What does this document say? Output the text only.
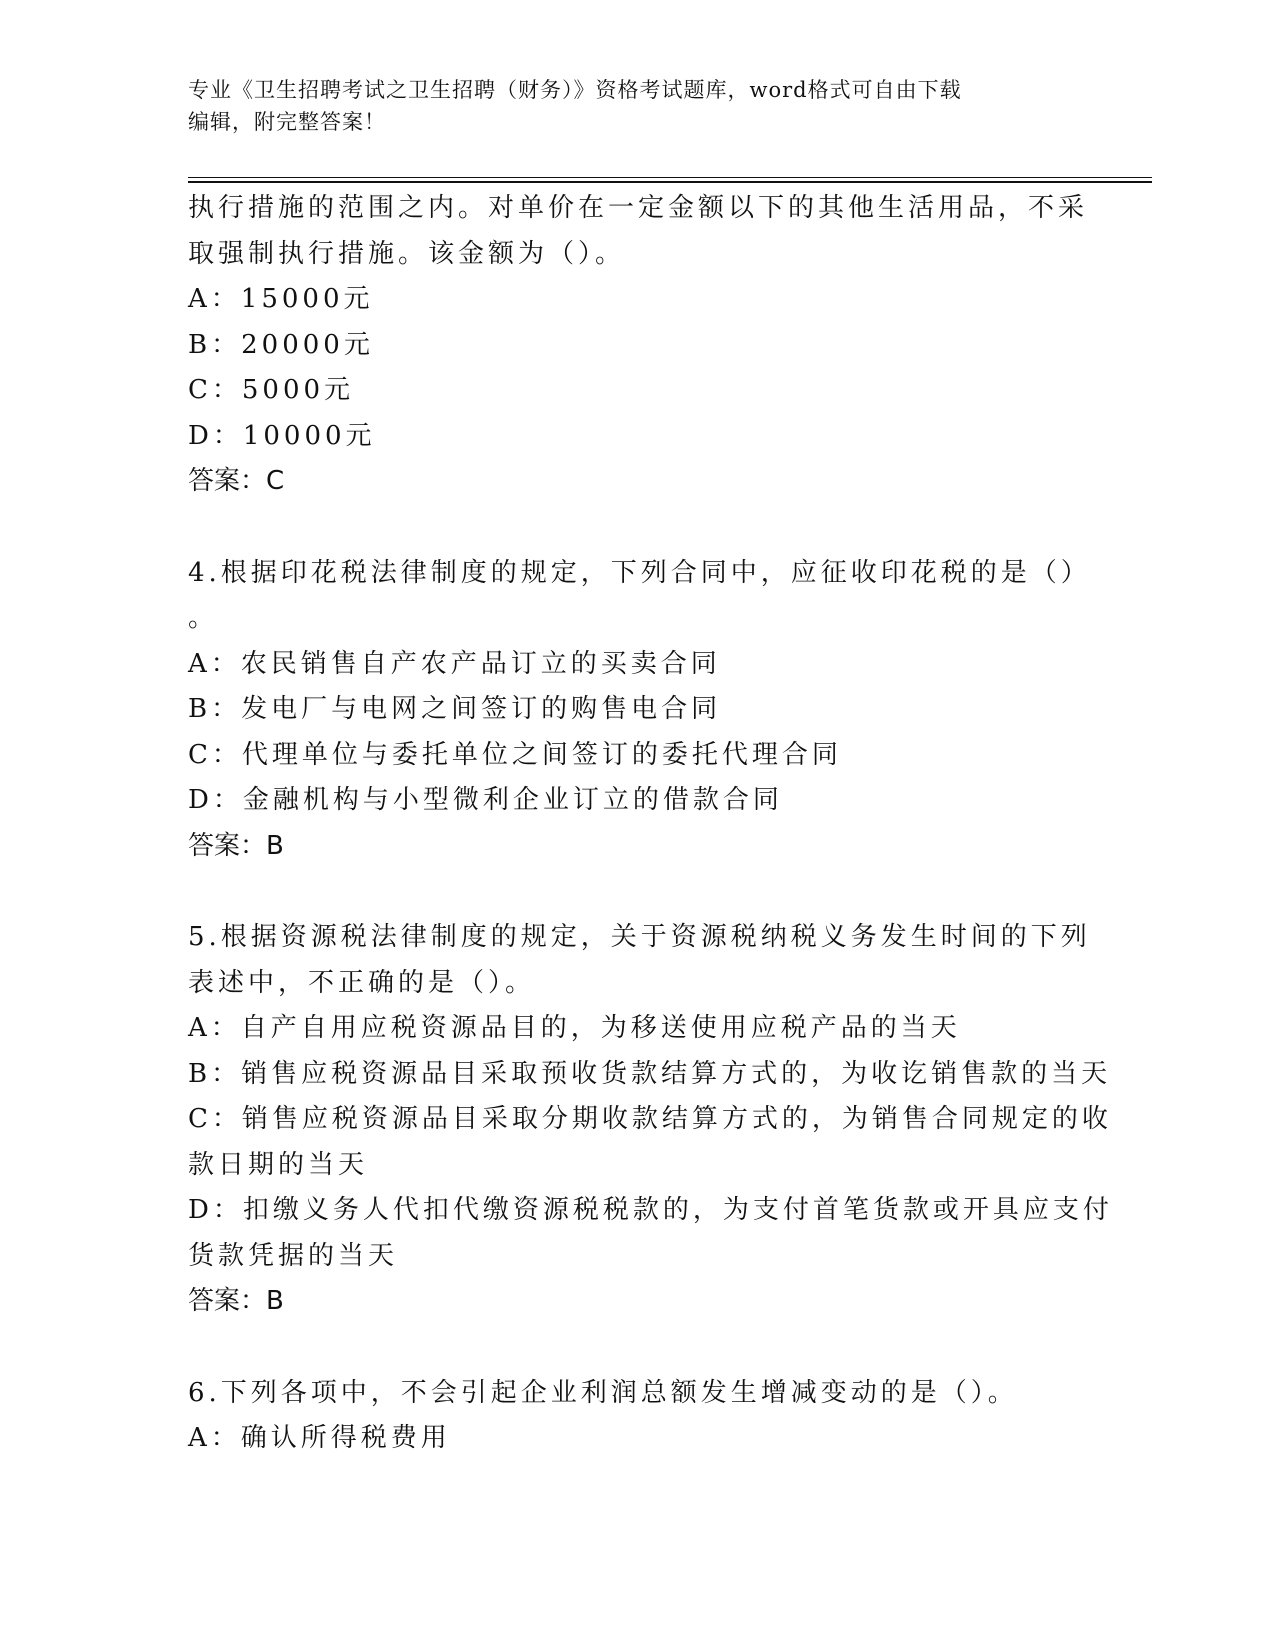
专业《卫生招聘考试之卫生招聘（财务）》资格考试题库，word格式可自由下载
编辑，附完整答案！
执行措施的范围之内。对单价在一定金额以下的其他生活用品，不采
取强制执行措施。该金额为（）。
A：15000元
B：20000元
C：5000元
D：10000元
答案：C
4.根据印花税法律制度的规定，下列合同中，应征收印花税的是（）
。
A：农民销售自产农产品订立的买卖合同
B：发电厂与电网之间签订的购售电合同
C：代理单位与委托单位之间签订的委托代理合同
D：金融机构与小型微利企业订立的借款合同
答案：B
5.根据资源税法律制度的规定，关于资源税纳税义务发生时间的下列
表述中，不正确的是（）。
A：自产自用应税资源品目的，为移送使用应税产品的当天
B：销售应税资源品目采取预收货款结算方式的，为收讫销售款的当天
C：销售应税资源品目采取分期收款结算方式的，为销售合同规定的收
款日期的当天
D：扣缴义务人代扣代缴资源税税款的，为支付首笔货款或开具应支付
货款凭据的当天
答案：B
6.下列各项中，不会引起企业利润总额发生增减变动的是（）。
A：确认所得税费用
